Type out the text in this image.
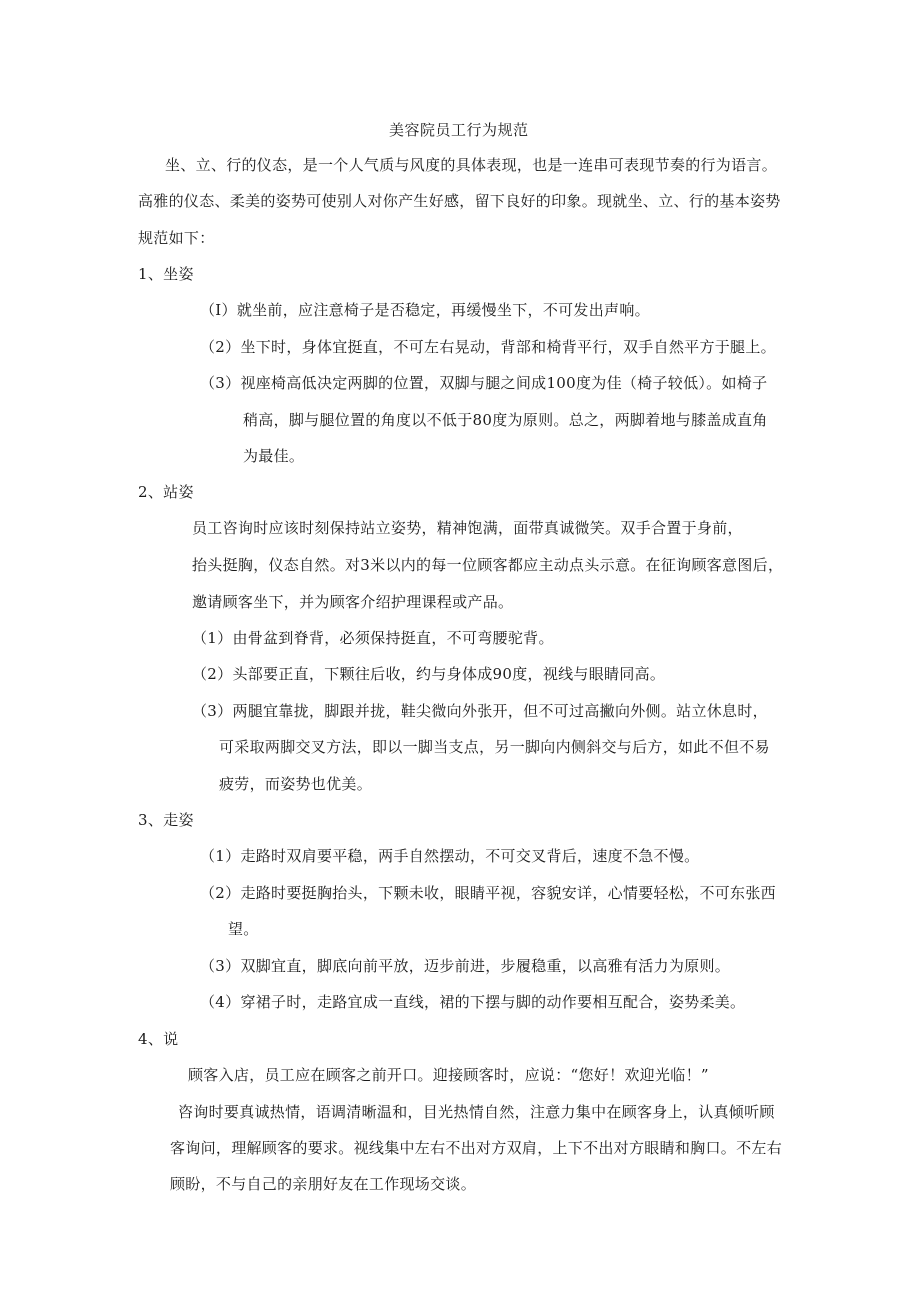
美容院员工行为规范
坐、立、行的仪态，是一个人气质与风度的具体表现，也是一连串可表现节奏的行为语言。
高雅的仪态、柔美的姿势可使别人对你产生好感，留下良好的印象。现就坐、立、行的基本姿势
规范如下：
1、坐姿
（I）就坐前，应注意椅子是否稳定，再缓慢坐下，不可发出声响。
（2）坐下时，身体宜挺直，不可左右晃动，背部和椅背平行，双手自然平方于腿上。
（3）视座椅高低决定两脚的位置，双脚与腿之间成100度为佳（椅子较低）。如椅子
稍高，脚与腿位置的角度以不低于80度为原则。总之，两脚着地与膝盖成直角
为最佳。
2、站姿
员工咨询时应该时刻保持站立姿势，精神饱满，面带真诚微笑。双手合置于身前，
抬头挺胸，仪态自然。对3米以内的每一位顾客都应主动点头示意。在征询顾客意图后，
邀请顾客坐下，并为顾客介绍护理课程或产品。
（1）由骨盆到脊背，必须保持挺直，不可弯腰驼背。
（2）头部要正直，下颗往后收，约与身体成90度，视线与眼睛同高。
（3）两腿宜靠拢，脚跟并拢，鞋尖微向外张开，但不可过高撇向外侧。站立休息时，
可采取两脚交叉方法，即以一脚当支点，另一脚向内侧斜交与后方，如此不但不易
疲劳，而姿势也优美。
3、走姿
（1）走路时双肩要平稳，两手自然摆动，不可交叉背后，速度不急不慢。
（2）走路时要挺胸抬头，下颗未收，眼睛平视，容貌安详，心情要轻松，不可东张西
望。
（3）双脚宜直，脚底向前平放，迈步前进，步履稳重，以高雅有活力为原则。
（4）穿裙子时，走路宜成一直线，裙的下摆与脚的动作要相互配合，姿势柔美。
4、说
顾客入店，员工应在顾客之前开口。迎接顾客时，应说：“您好！欢迎光临！”
咨询时要真诚热情，语调清晰温和，目光热情自然，注意力集中在顾客身上，认真倾听顾
客询问，理解顾客的要求。视线集中左右不出对方双肩，上下不出对方眼睛和胸口。不左右
顾盼，不与自己的亲朋好友在工作现场交谈。
